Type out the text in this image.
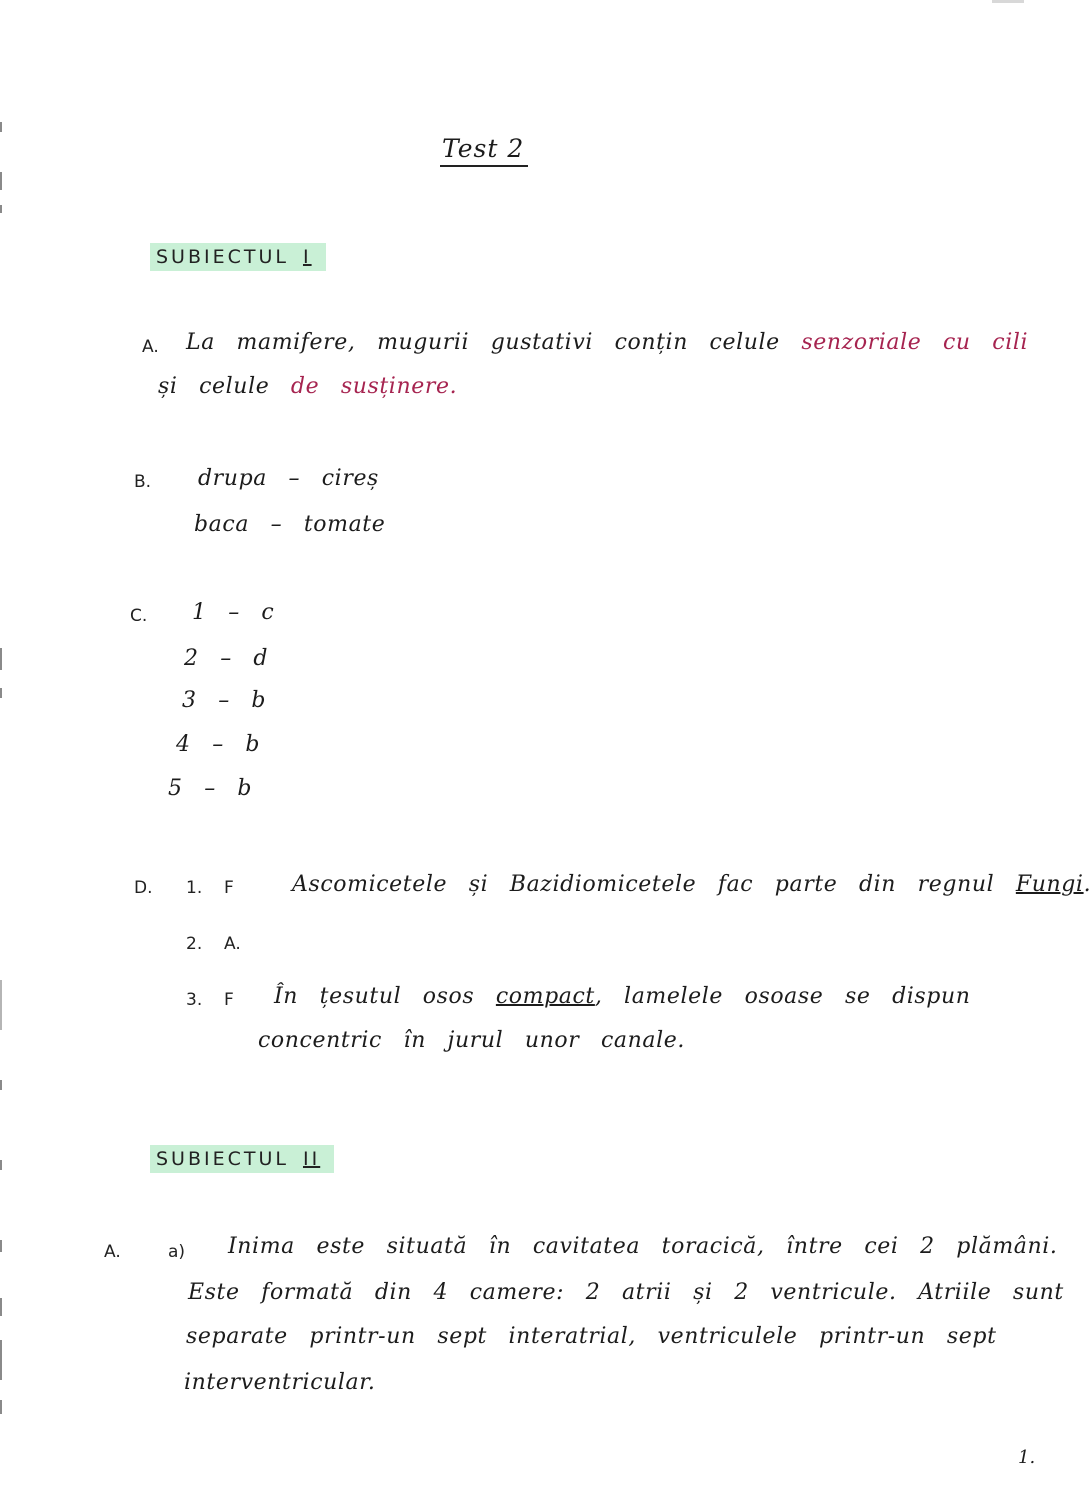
Test 2
SUBIECTUL I
A. La mamifere, mugurii gustativi conțin celule senzoriale cu cili
și celule de susținere.
B. drupa – cireș
baca – tomate
C. 1 – c
2 – d
3 – b
4 – b
5 – b
D. 1. F	Ascomicetele și Bazidiomicetele fac parte din regnul Fungi.
2. A.
3. F În țesutul osos compact, lamelele osoase se dispun
concentric în jurul unor canale.
SUBIECTUL II
A.	a) Inima este situată în cavitatea toracică, între cei 2 plămâni.
Este formată din 4 camere: 2 atrii și 2 ventricule. Atriile sunt
separate printr-un sept interatrial, ventriculele printr-un sept
interventricular.
1.
